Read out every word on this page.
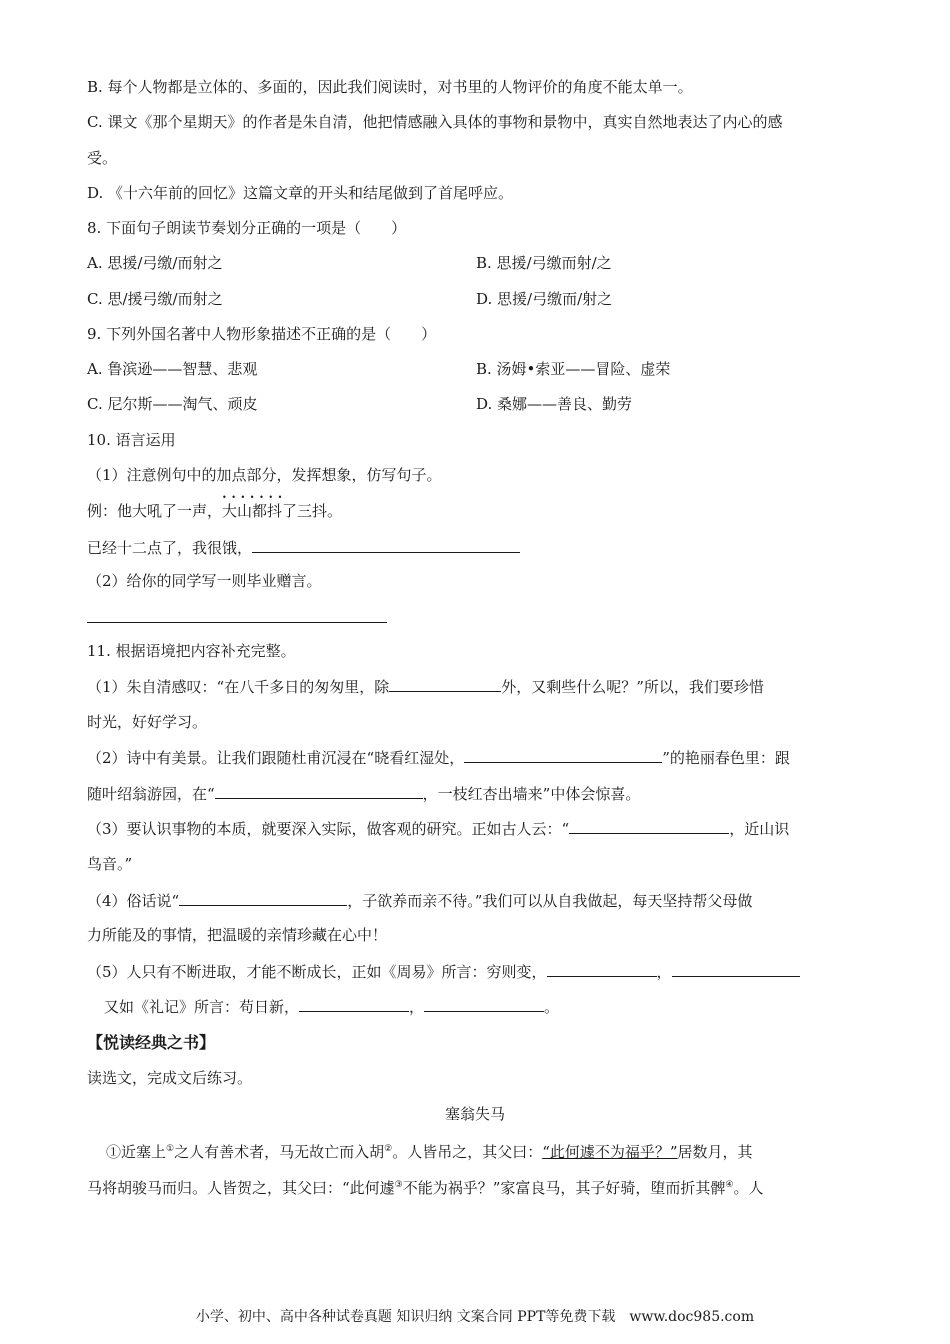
B. 每个人物都是立体的、多面的，因此我们阅读时，对书里的人物评价的角度不能太单一。
C. 课文《那个星期天》的作者是朱自清，他把情感融入具体的事物和景物中，真实自然地表达了内心的感
受。
D. 《十六年前的回忆》这篇文章的开头和结尾做到了首尾呼应。
8. 下面句子朗读节奏划分正确的一项是（　　）
A. 思援/弓缴/而射之	B. 思援/弓缴而射/之
C. 思/援弓缴/而射之	D. 思援/弓缴而/射之
9. 下列外国名著中人物形象描述不正确的是（　　）
A. 鲁滨逊——智慧、悲观	B. 汤姆•索亚——冒险、虚荣
C. 尼尔斯——淘气、顽皮	D. 桑娜——善良、勤劳
10. 语言运用
（1）注意例句中的加点部分，发挥想象，仿写句子。
例：他大吼了一声，• • • 大山都抖了三抖。
已经十二点了，我很饿，
（2）给你的同学写一则毕业赠言。
11. 根据语境把内容补充完整。
（1）朱自清感叹：“在八千多日的匆匆里，除	外，又剩些什么呢？”所以，我们要珍惜
时光，好好学习。
（2）诗中有美景。让我们跟随杜甫沉浸在“晓看红湿处，	”的艳丽春色里：跟
随叶绍翁游园，在“	，一枝红杏出墙来”中体会惊喜。
（3）要认识事物的本质，就要深入实际，做客观的研究。正如古人云：“	，近山识
鸟音。”
（4）俗话说“	，子欲养而亲不待。”我们可以从自我做起，每天坚持帮父母做
力所能及的事情，把温暖的亲情珍藏在心中！
（5）人只有不断进取，才能不断成长，正如《周易》所言：穷则变，	，
又如《礼记》所言：苟日新，	，	。
【悦读经典之书】
读选文，完成文后练习。
塞翁失马
①近塞上①之人有善术者，马无故亡而入胡②。人皆吊之，其父曰：“此何遽不为福乎？”居数月，其
马将胡骏马而归。人皆贺之，其父曰：“此何遽③不能为祸乎？”家富良马，其子好骑，堕而折其髀④。人
小学、初中、高中各种试卷真题 知识归纳 文案合同 PPT等免费下载　www.doc985.com
